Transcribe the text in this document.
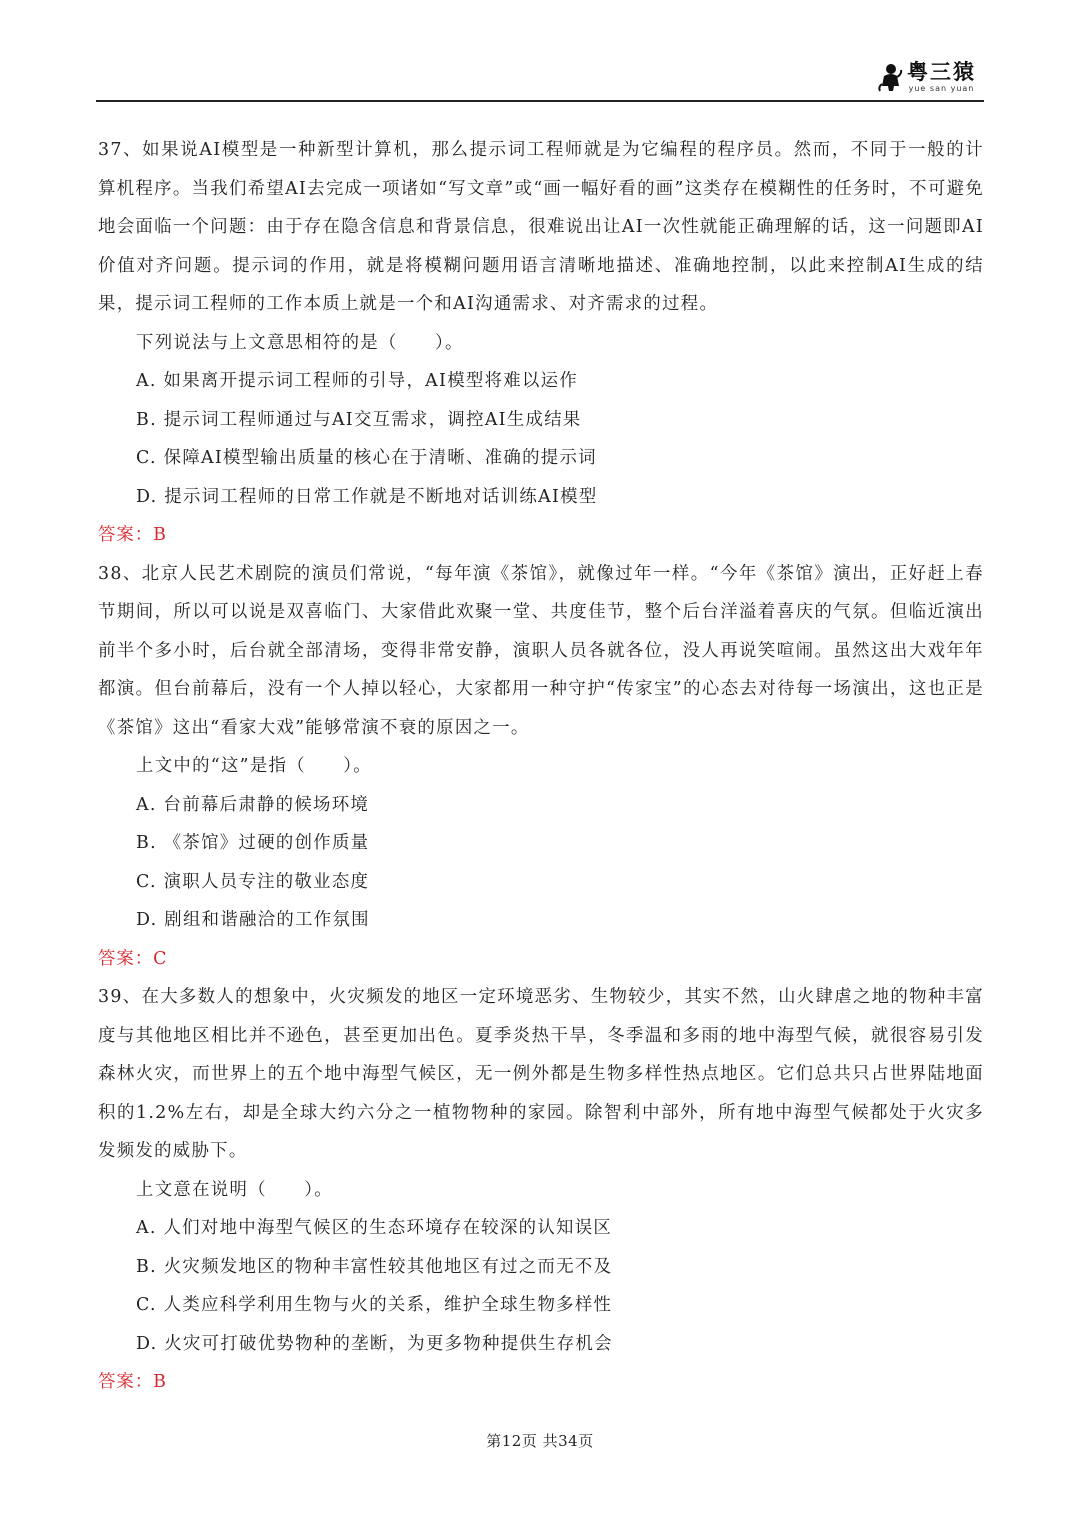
粤三猿
yue san yuan

37、如果说AI模型是一种新型计算机，那么提示词工程师就是为它编程的程序员。然而，不同于一般的计算机程序。当我们希望AI去完成一项诸如“写文章”或“画一幅好看的画”这类存在模糊性的任务时，不可避免地会面临一个问题：由于存在隐含信息和背景信息，很难说出让AI一次性就能正确理解的话，这一问题即AI价值对齐问题。提示词的作用，就是将模糊问题用语言清晰地描述、准确地控制，以此来控制AI生成的结果，提示词工程师的工作本质上就是一个和AI沟通需求、对齐需求的过程。

下列说法与上文意思相符的是（　　）。

A. 如果离开提示词工程师的引导，AI模型将难以运作

B. 提示词工程师通过与AI交互需求，调控AI生成结果

C. 保障AI模型输出质量的核心在于清晰、准确的提示词

D. 提示词工程师的日常工作就是不断地对话训练AI模型

答案：B

38、北京人民艺术剧院的演员们常说，“每年演《茶馆》，就像过年一样。“今年《茶馆》演出，正好赶上春节期间，所以可以说是双喜临门、大家借此欢聚一堂、共度佳节，整个后台洋溢着喜庆的气氛。但临近演出前半个多小时，后台就全部清场，变得非常安静，演职人员各就各位，没人再说笑喧闹。虽然这出大戏年年都演。但台前幕后，没有一个人掉以轻心，大家都用一种守护“传家宝”的心态去对待每一场演出，这也正是《茶馆》这出“看家大戏”能够常演不衰的原因之一。

上文中的“这”是指（　　）。

A. 台前幕后肃静的候场环境

B. 《茶馆》过硬的创作质量

C. 演职人员专注的敬业态度

D. 剧组和谐融洽的工作氛围

答案：C

39、在大多数人的想象中，火灾频发的地区一定环境恶劣、生物较少，其实不然，山火肆虐之地的物种丰富度与其他地区相比并不逊色，甚至更加出色。夏季炎热干旱，冬季温和多雨的地中海型气候，就很容易引发森林火灾，而世界上的五个地中海型气候区，无一例外都是生物多样性热点地区。它们总共只占世界陆地面积的1.2%左右，却是全球大约六分之一植物物种的家园。除智利中部外，所有地中海型气候都处于火灾多发频发的威胁下。

上文意在说明（　　）。

A. 人们对地中海型气候区的生态环境存在较深的认知误区

B. 火灾频发地区的物种丰富性较其他地区有过之而无不及

C. 人类应科学利用生物与火的关系，维护全球生物多样性

D. 火灾可打破优势物种的垄断，为更多物种提供生存机会

答案：B

第12页 共34页
